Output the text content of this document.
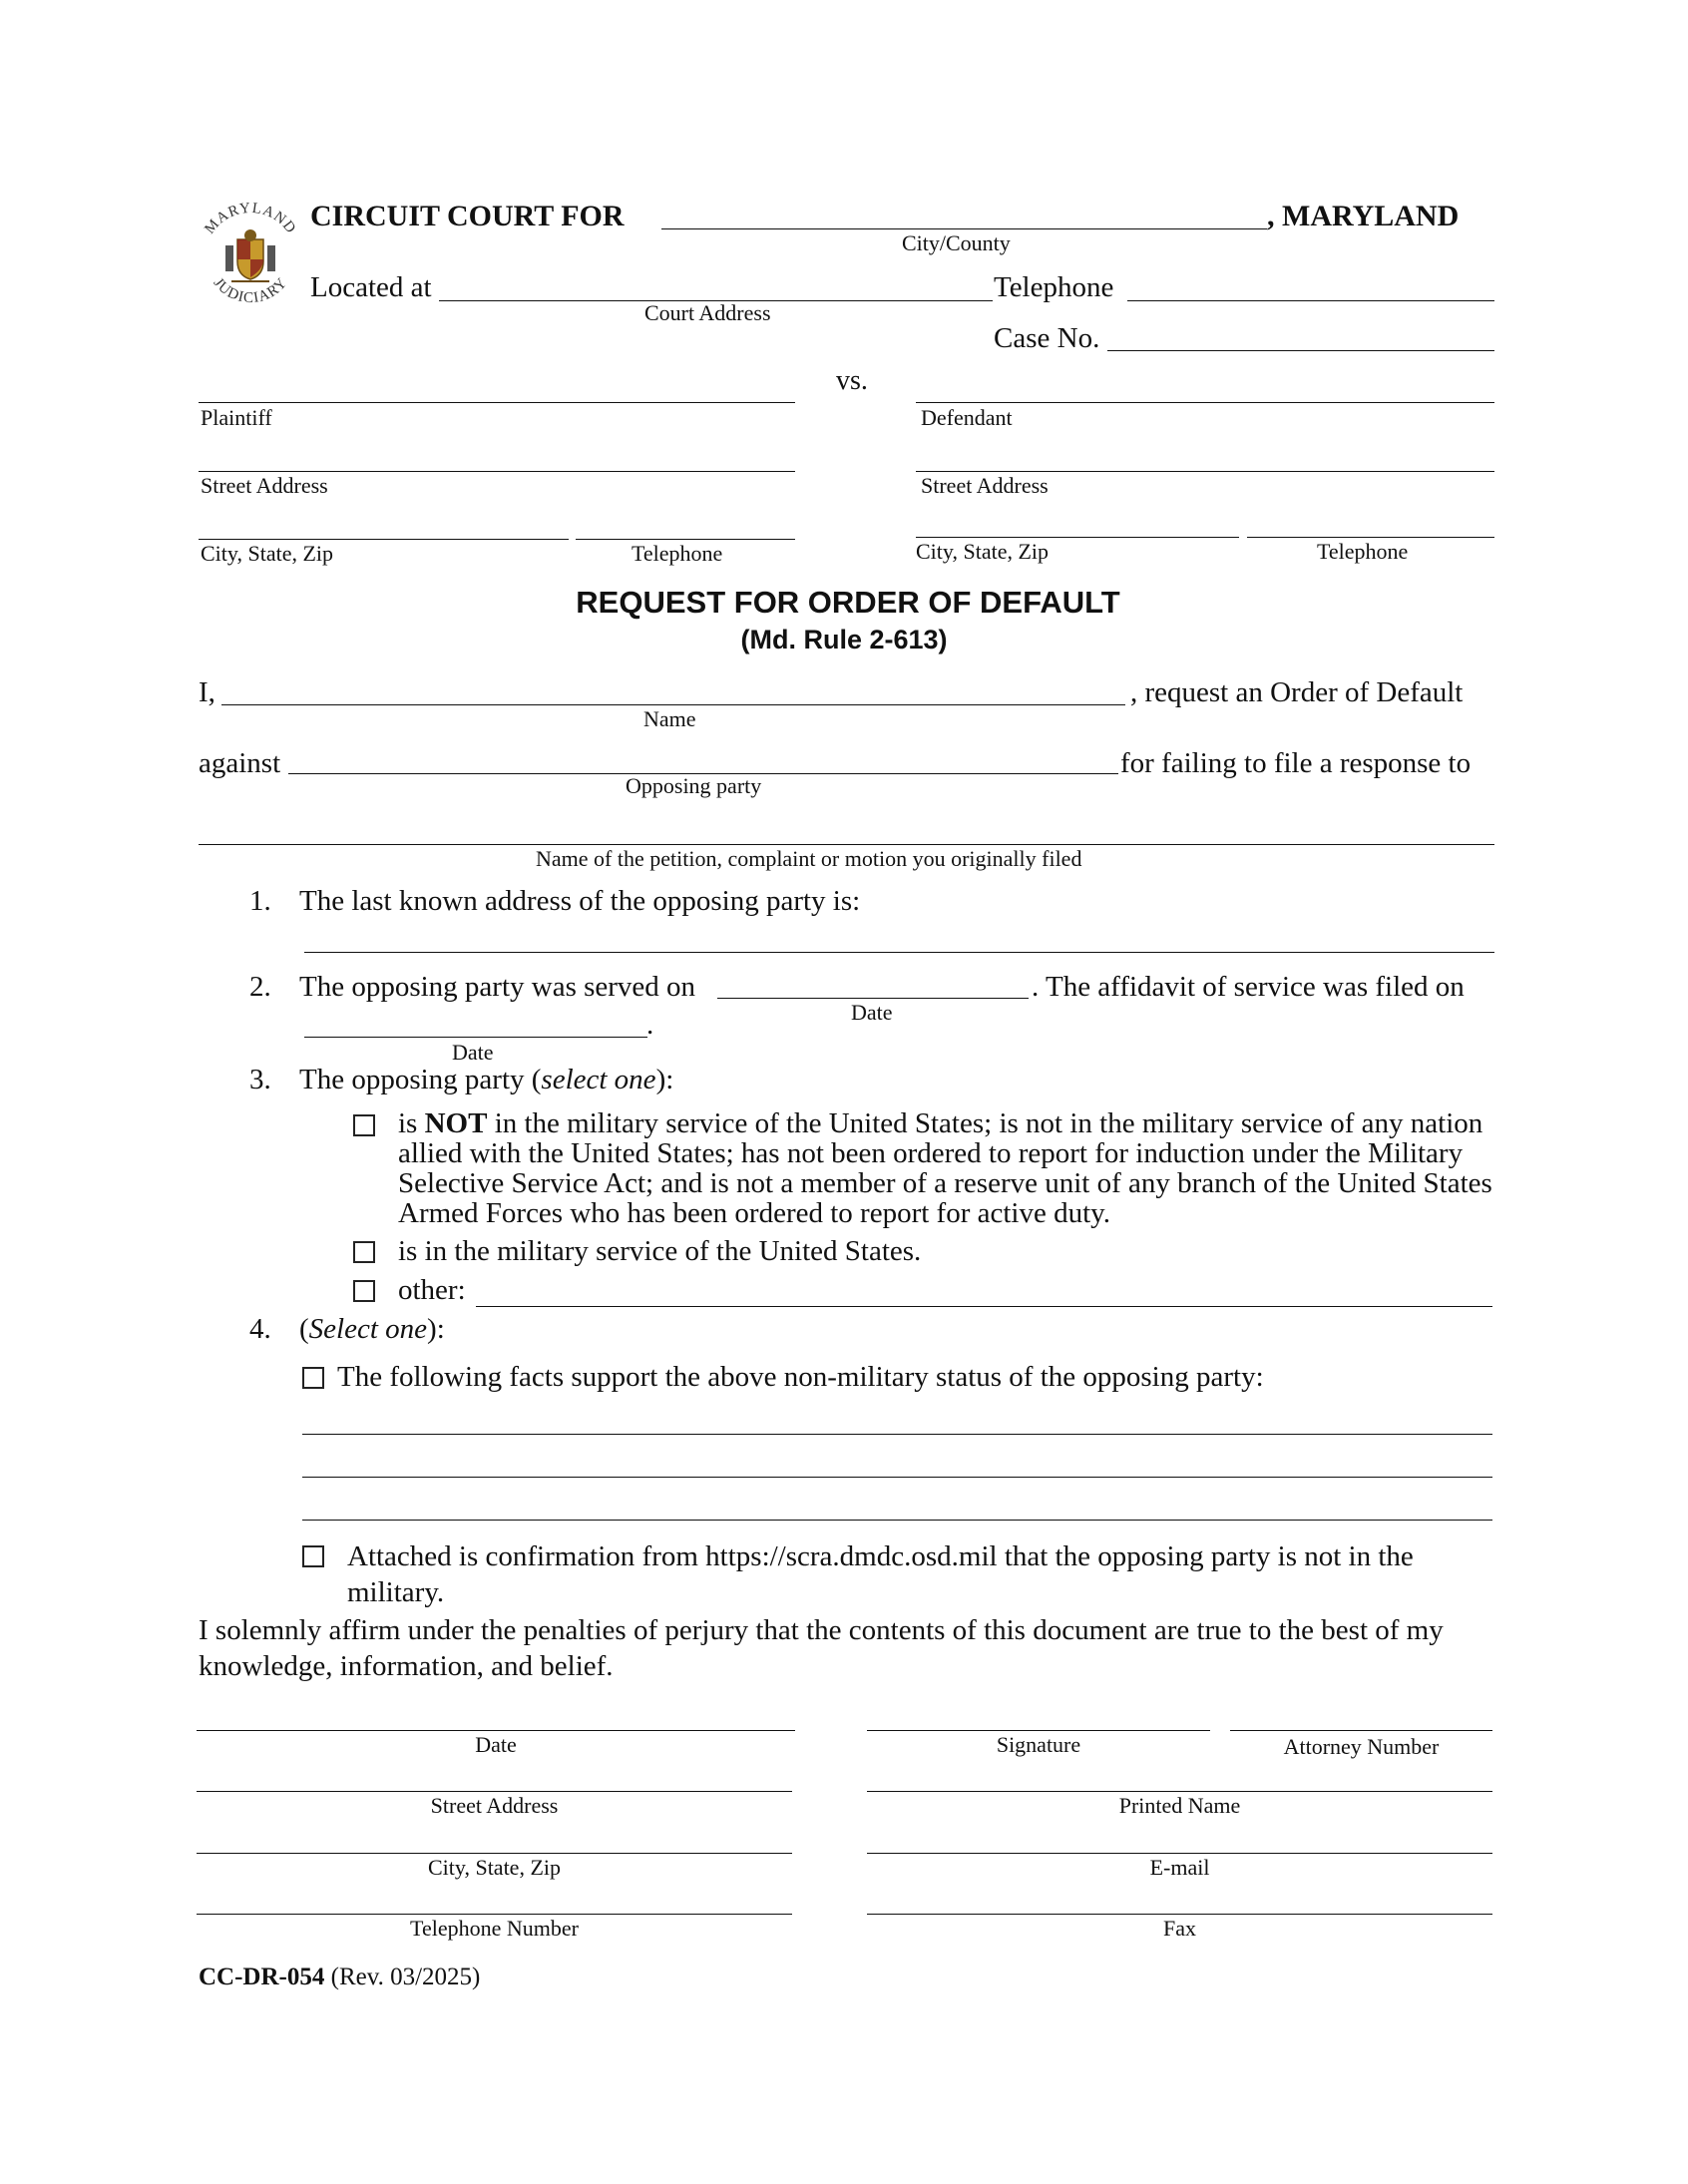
MARYLAND
JUDICIARY
CIRCUIT COURT FOR	, MARYLAND
City/County
Located at
Court Address
Telephone
Case No.
vs.
Plaintiff	Defendant
Street Address	Street Address
City, State, Zip	Telephone	City, State, Zip	Telephone
REQUEST FOR ORDER OF DEFAULT
(Md. Rule 2-613)
I,	, request an Order of Default
Name
against	for failing to file a response to
Opposing party
Name of the petition, complaint or motion you originally filed
1. The last known address of the opposing party is:
2. The opposing party was served on
Date
. The affidavit of service was filed on
.
Date
3. The opposing party (select one):
is NOT in the military service of the United States; is not in the military service of any nation allied with the United States; has not been ordered to report for induction under the Military Selective Service Act; and is not a member of a reserve unit of any branch of the United States Armed Forces who has been ordered to report for active duty.
is in the military service of the United States.
other:
4. (Select one):
The following facts support the above non-military status of the opposing party:
Attached is confirmation from https://scra.dmdc.osd.mil that the opposing party is not in the military.
I solemnly affirm under the penalties of perjury that the contents of this document are true to the best of my knowledge, information, and belief.
Date	Signature	Attorney Number
Street Address	Printed Name
City, State, Zip	E-mail
Telephone Number	Fax
CC-DR-054 (Rev. 03/2025)
